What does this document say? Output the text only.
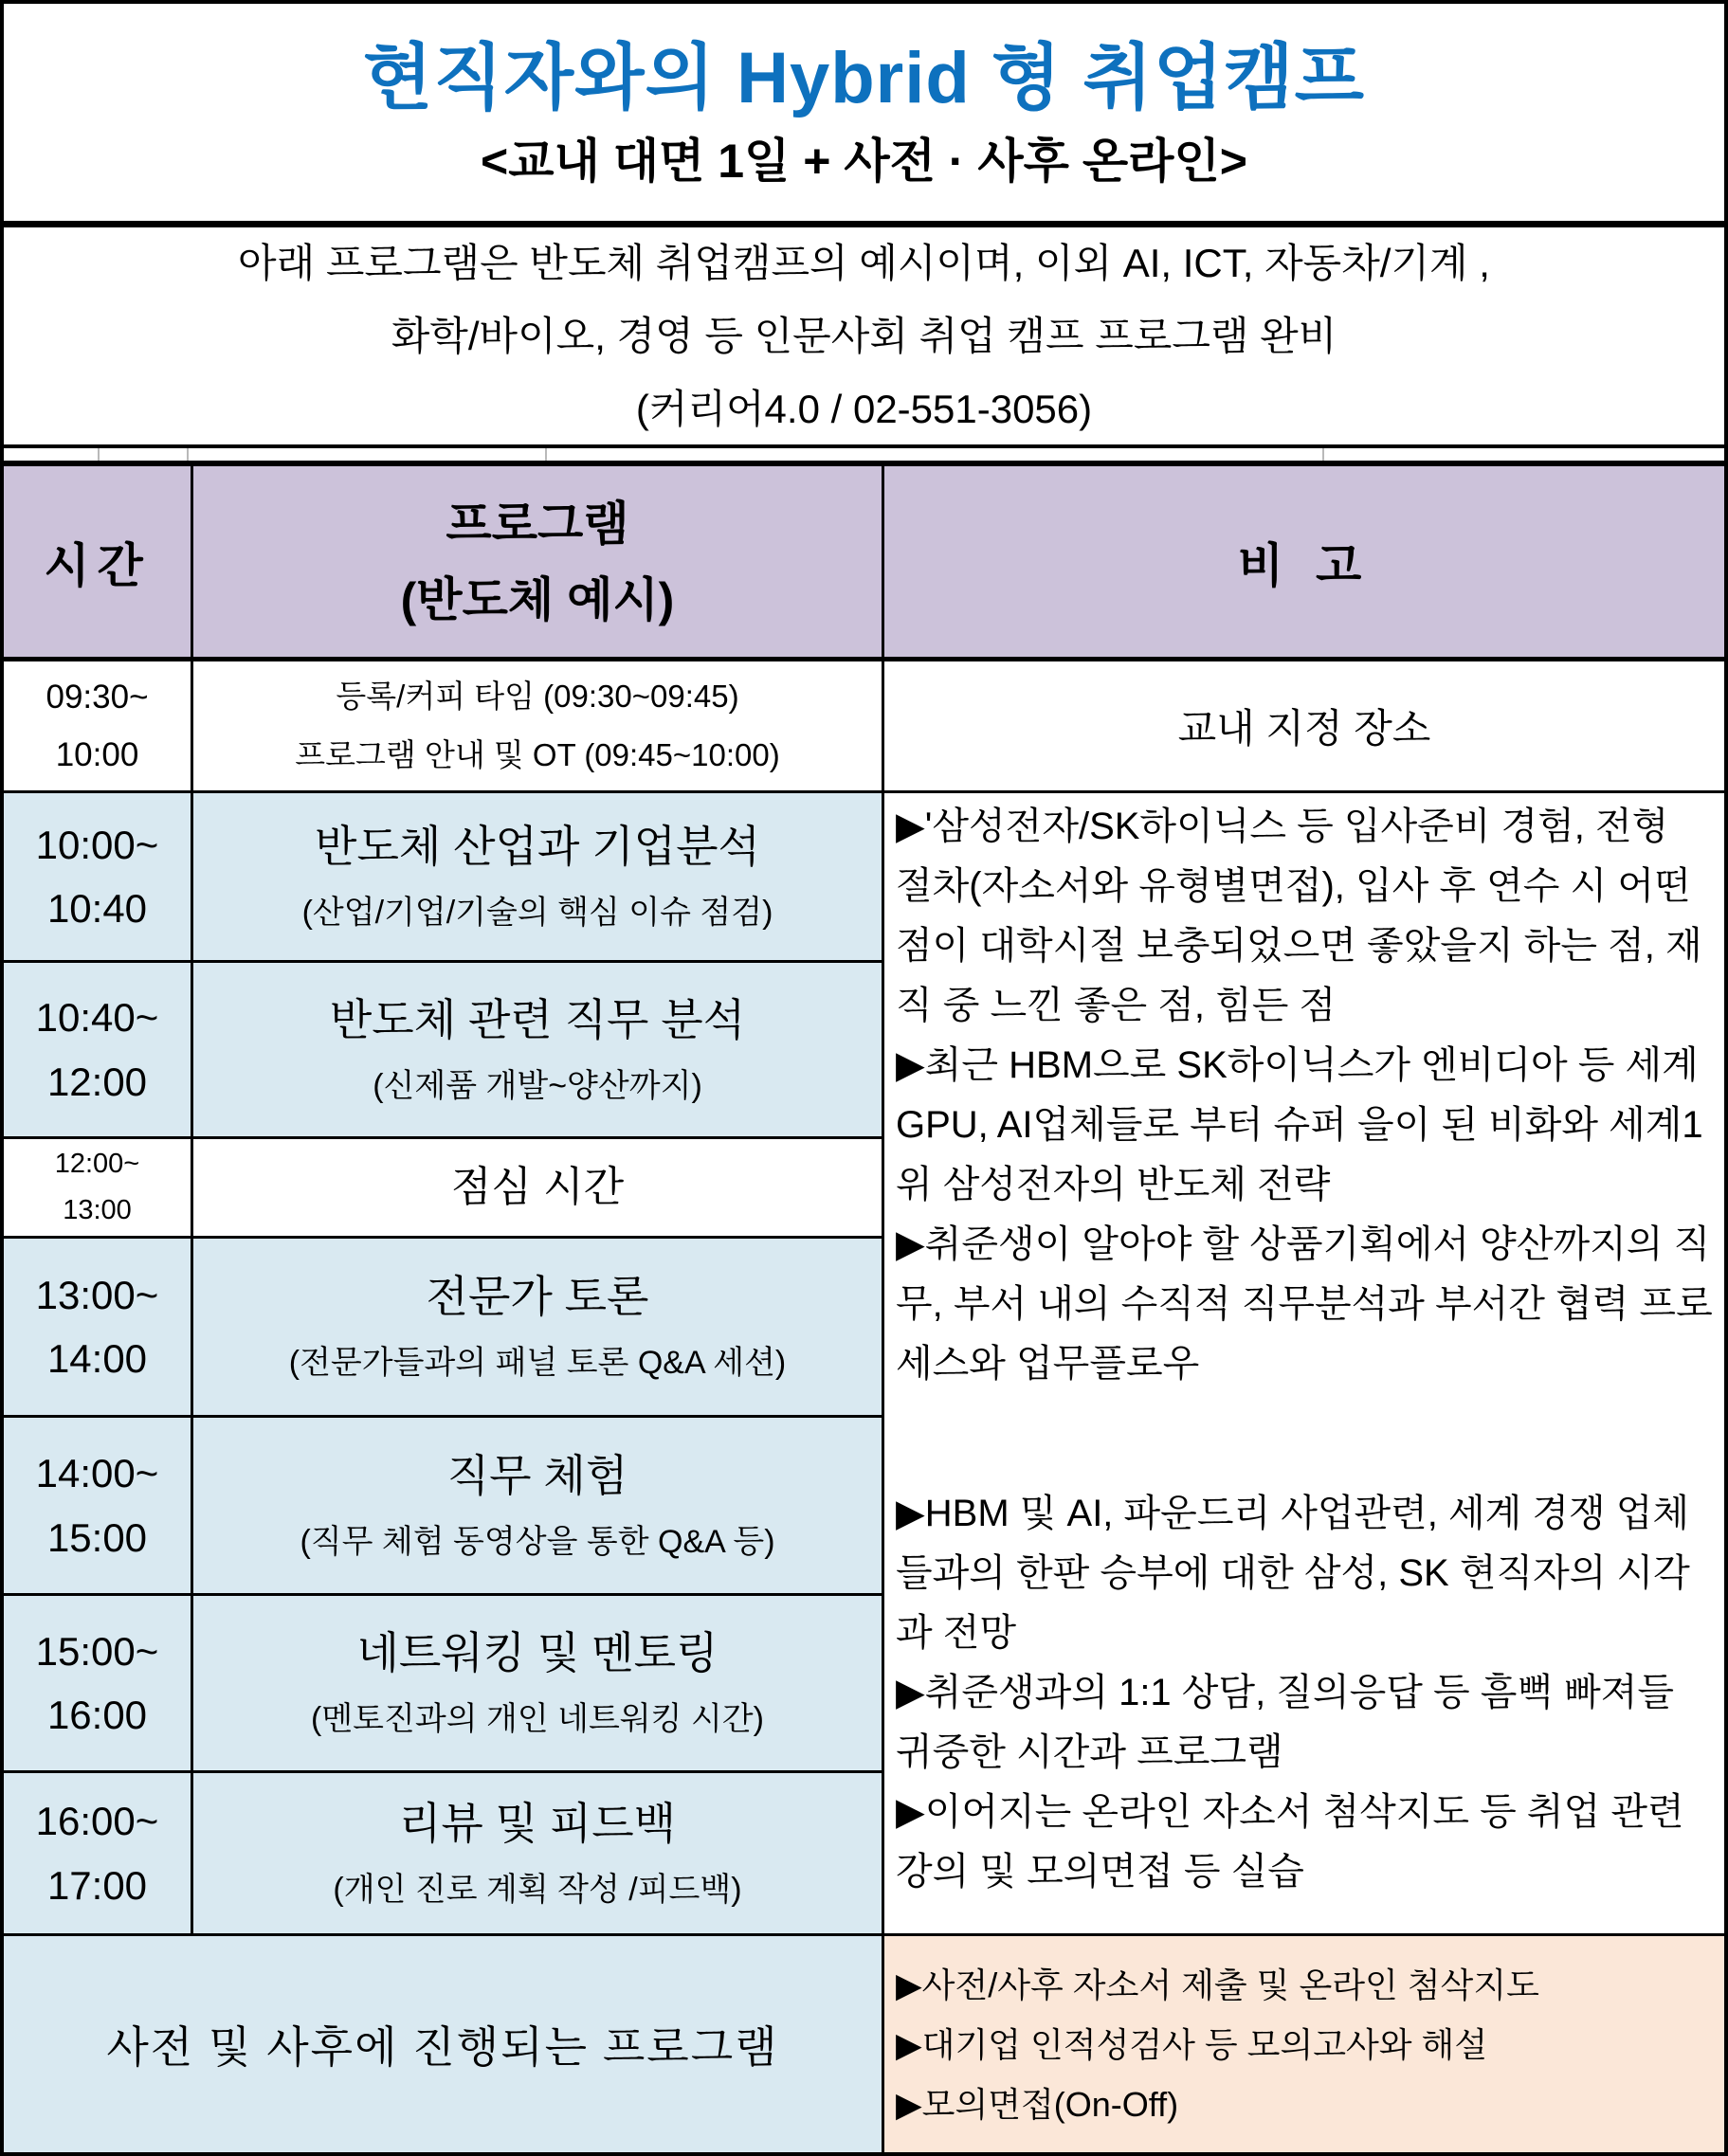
현직자와의 Hybrid 형 취업캠프
<교내 대면 1일 + 사전 · 사후 온라인>
아래 프로그램은 반도체 취업캠프의 예시이며, 이외 AI, ICT, 자동차/기계 ,
화학/바이오, 경영 등 인문사회 취업 캠프 프로그램 완비
(커리어4.0 / 02-551-3056)
시간
프로그램
(반도체 예시)
비 고
09:30~
10:00
등록/커피 타임 (09:30~09:45)
프로그램 안내 및 OT (09:45~10:00)
교내 지정 장소
10:00~
10:40
반도체 산업과 기업분석
(산업/기업/기술의 핵심 이슈 점검)
10:40~
12:00
반도체 관련 직무 분석
(신제품 개발~양산까지)
12:00~
13:00
점심 시간
13:00~
14:00
전문가 토론
(전문가들과의 패널 토론 Q&A 세션)
14:00~
15:00
직무 체험
(직무 체험 동영상을 통한 Q&A 등)
15:00~
16:00
네트워킹 및 멘토링
(멘토진과의 개인 네트워킹 시간)
16:00~
17:00
리뷰 및 피드백
(개인 진로 계획 작성 /피드백)

▶'삼성전자/SK하이닉스 등 입사준비 경험, 전형 절차(자소서와 유형별면접), 입사 후 연수 시 어떤 점이 대학시절 보충되었으면 좋았을지 하는 점, 재직 중 느낀 좋은 점, 힘든 점

▶최근 HBM으로 SK하이닉스가 엔비디아 등 세계 GPU, AI업체들로 부터 슈퍼 을이 된 비화와 세계1위 삼성전자의 반도체 전략

▶취준생이 알아야 할 상품기획에서 양산까지의 직무, 부서 내의 수직적 직무분석과 부서간 협력 프로세스와 업무플로우

▶HBM 및 AI, 파운드리 사업관련, 세계 경쟁 업체들과의 한판 승부에 대한 삼성, SK 현직자의 시각과 전망

▶취준생과의 1:1 상담, 질의응답 등 흠뻑 빠져들 귀중한 시간과 프로그램

▶이어지는 온라인 자소서 첨삭지도 등 취업 관련 강의 및 모의면접 등 실습

사전 및 사후에 진행되는 프로그램

▶사전/사후 자소서 제출 및 온라인 첨삭지도

▶대기업 인적성검사 등 모의고사와 해설

▶모의면접(On-Off)
